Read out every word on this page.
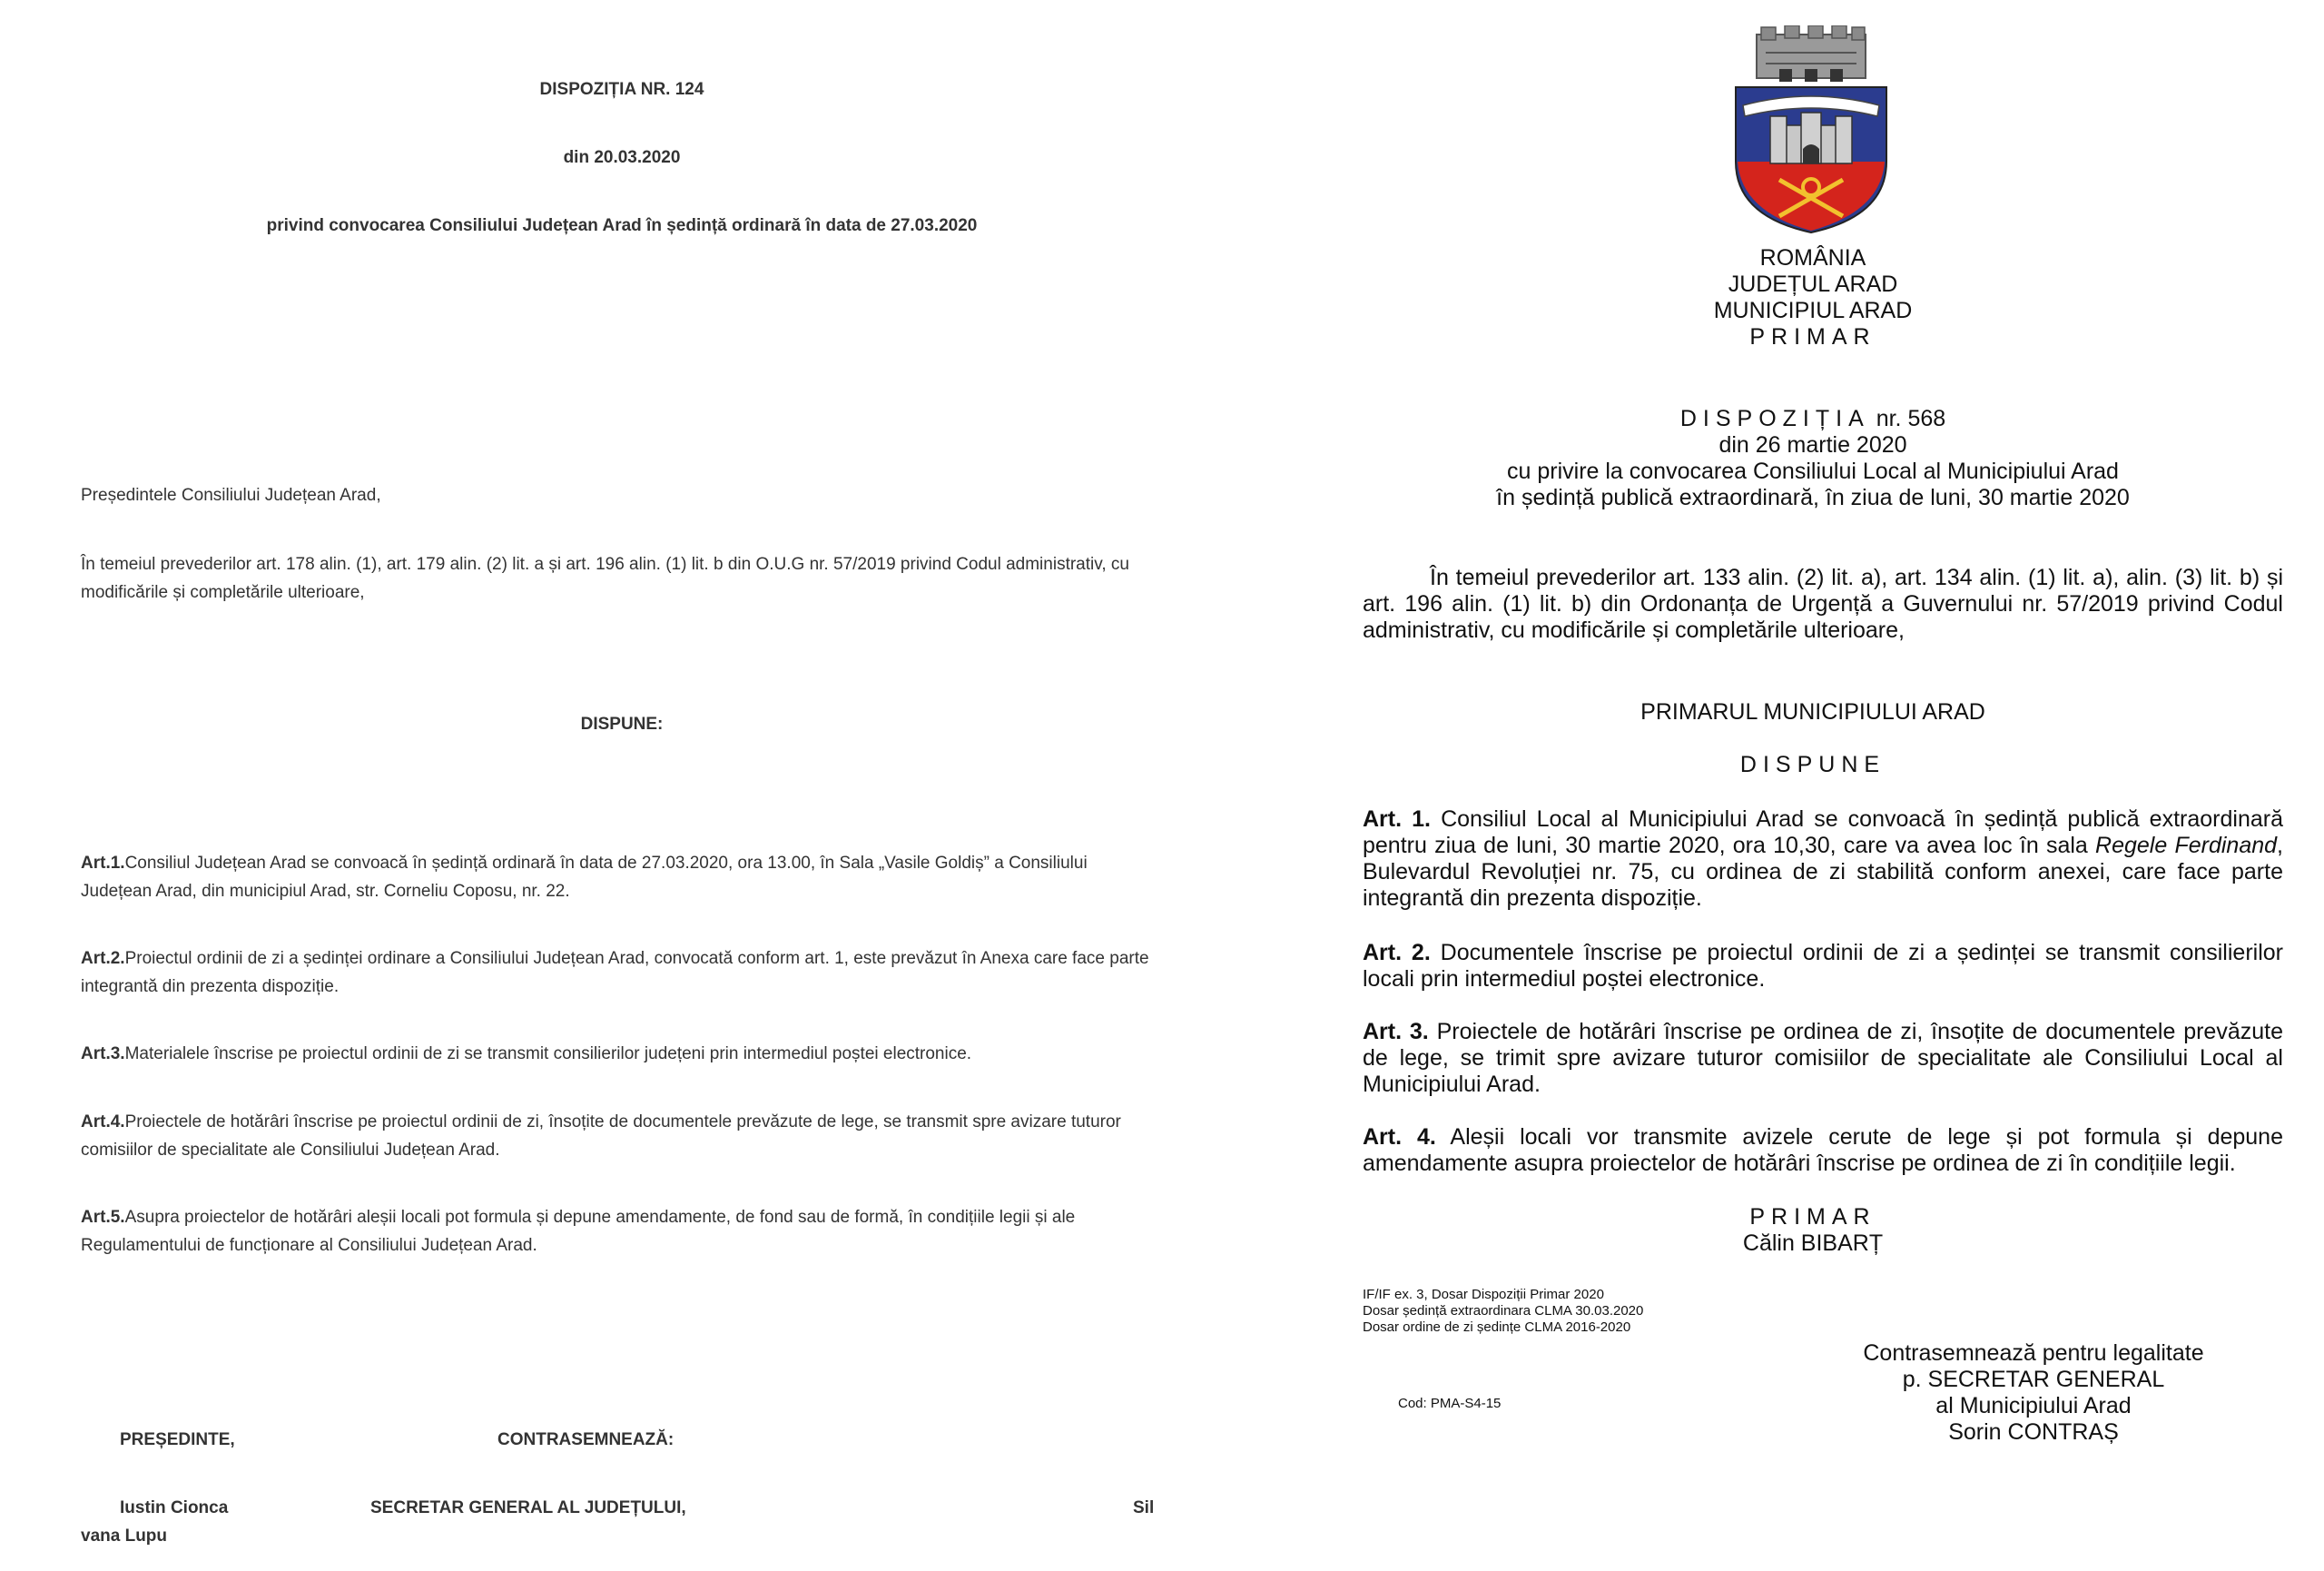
DISPOZIȚIA NR. 124
din 20.03.2020
privind convocarea Consiliului Județean Arad în ședință ordinară în data de 27.03.2020
Președintele Consiliului Județean Arad,
În temeiul prevederilor art. 178 alin. (1), art. 179 alin. (2) lit. a și art. 196 alin. (1) lit. b din O.U.G nr. 57/2019 privind Codul administrativ, cu modificările și completările ulterioare,
DISPUNE:
Art.1.Consiliul Județean Arad se convoacă în ședință ordinară în data de 27.03.2020, ora 13.00, în Sala „Vasile Goldiș” a Consiliului Județean Arad, din municipiul Arad, str. Corneliu Coposu, nr. 22.
Art.2.Proiectul ordinii de zi a ședinței ordinare a Consiliului Județean Arad, convocată conform art. 1, este prevăzut în Anexa care face parte integrantă din prezenta dispoziție.
Art.3.Materialele înscrise pe proiectul ordinii de zi se transmit consilierilor județeni prin intermediul poștei electronice.
Art.4.Proiectele de hotărâri înscrise pe proiectul ordinii de zi, însoțite de documentele prevăzute de lege, se transmit spre avizare tuturor comisiilor de specialitate ale Consiliului Județean Arad.
Art.5.Asupra proiectelor de hotărâri aleșii locali pot formula și depune amendamente, de fond sau de formă, în condițiile legii și ale Regulamentului de funcționare al Consiliului Județean Arad.
PREȘEDINTE,	CONTRASEMNEAZĂ:
Iustin Cionca	SECRETAR GENERAL AL JUDEȚULUI,	Sil
vana Lupu
ROMÂNIA
JUDEȚUL ARAD
MUNICIPIUL ARAD
PRIMAR
DISPOZIȚIA nr. 568
din 26 martie 2020
cu privire la convocarea Consiliului Local al Municipiului Arad
în ședință publică extraordinară, în ziua de luni, 30 martie 2020
În temeiul prevederilor art. 133 alin. (2) lit. a), art. 134 alin. (1) lit. a), alin. (3) lit. b) și art. 196 alin. (1) lit. b) din Ordonanța de Urgență a Guvernului nr. 57/2019 privind Codul administrativ, cu modificările și completările ulterioare,
PRIMARUL MUNICIPIULUI ARAD
DISPUNE
Art. 1. Consiliul Local al Municipiului Arad se convoacă în ședință publică extraordinară pentru ziua de luni, 30 martie 2020, ora 10,30, care va avea loc în sala Regele Ferdinand, Bulevardul Revoluției nr. 75, cu ordinea de zi stabilită conform anexei, care face parte integrantă din prezenta dispoziție.
Art. 2. Documentele înscrise pe proiectul ordinii de zi a ședinței se transmit consilierilor locali prin intermediul poștei electronice.
Art. 3. Proiectele de hotărâri înscrise pe ordinea de zi, însoțite de documentele prevăzute de lege, se trimit spre avizare tuturor comisiilor de specialitate ale Consiliului Local al Municipiului Arad.
Art. 4. Aleșii locali vor transmite avizele cerute de lege și pot formula și depune amendamente asupra proiectelor de hotărâri înscrise pe ordinea de zi în condițiile legii.
PRIMAR
Călin BIBARȚ
IF/IF ex. 3, Dosar Dispoziții Primar 2020
Dosar ședință extraordinara CLMA 30.03.2020
Dosar ordine de zi ședințe CLMA 2016-2020
Cod: PMA-S4-15
Contrasemnează pentru legalitate
p. SECRETAR GENERAL
al Municipiului Arad
Sorin CONTRAȘ
